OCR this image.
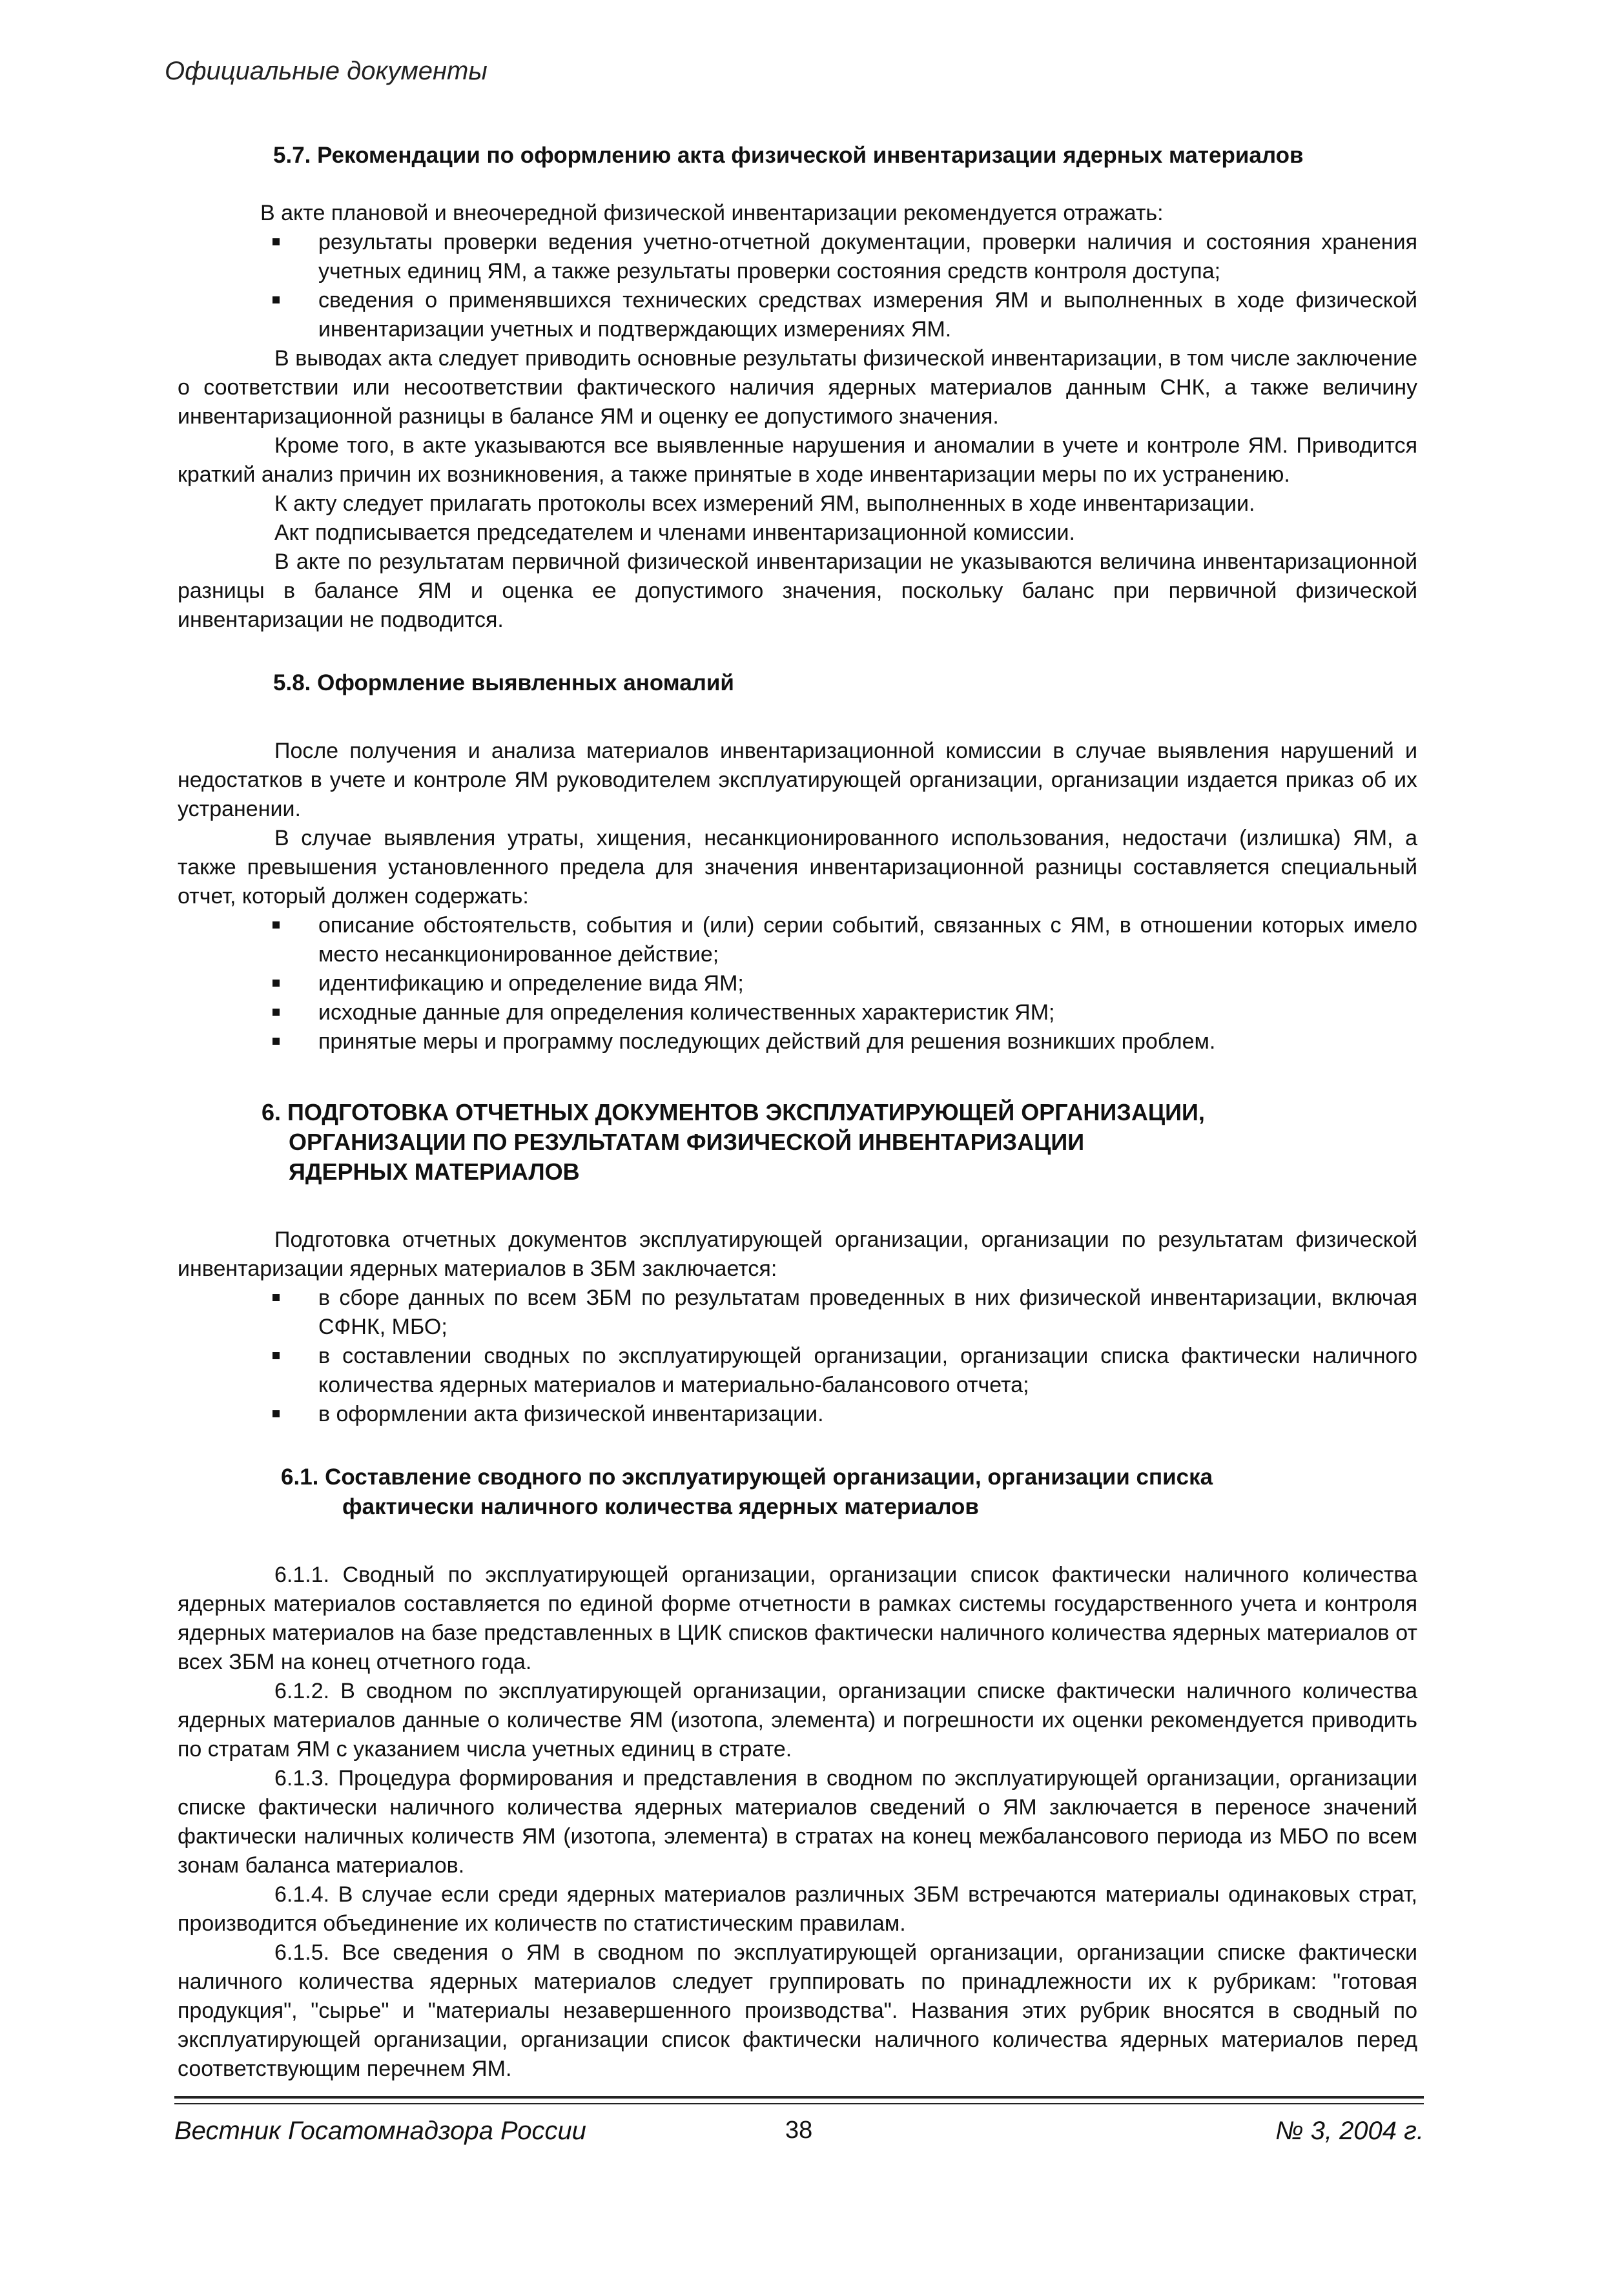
Официальные документы
5.7. Рекомендации по оформлению акта физической инвентаризации ядерных материалов

В акте плановой и внеочередной физической инвентаризации рекомендуется отражать:

результаты проверки ведения учетно-отчетной документации, проверки наличия и состояния хранения учетных единиц ЯМ, а также результаты проверки состояния средств контроля доступа;
сведения о применявшихся технических средствах измерения ЯМ и выполненных в ходе физической инвентаризации учетных и подтверждающих измерениях ЯМ.

В выводах акта следует приводить основные результаты физической инвентаризации, в том числе заключение о соответствии или несоответствии фактического наличия ядерных материалов данным СНК, а также величину инвентаризационной разницы в балансе ЯМ и оценку ее допустимого значения.

Кроме того, в акте указываются все выявленные нарушения и аномалии в учете и контроле ЯМ. Приводится краткий анализ причин их возникновения, а также принятые в ходе инвентаризации меры по их устранению.

К акту следует прилагать протоколы всех измерений ЯМ, выполненных в ходе инвентаризации.

Акт подписывается председателем и членами инвентаризационной комиссии.

В акте по результатам первичной физической инвентаризации не указываются величина инвентаризационной разницы в балансе ЯМ и оценка ее допустимого значения, поскольку баланс при первичной физической инвентаризации не подводится.

5.8. Оформление выявленных аномалий

После получения и анализа материалов инвентаризационной комиссии в случае выявления нарушений и недостатков в учете и контроле ЯМ руководителем эксплуатирующей организации, организации издается приказ об их устранении.

В случае выявления утраты, хищения, несанкционированного использования, недостачи (излишка) ЯМ, а также превышения установленного предела для значения инвентаризационной разницы составляется специальный отчет, который должен содержать:

описание обстоятельств, события и (или) серии событий, связанных с ЯМ, в отношении которых имело место несанкционированное действие;
идентификацию и определение вида ЯМ;
исходные данные для определения количественных характеристик ЯМ;
принятые меры и программу последующих действий для решения возникших проблем.
6. ПОДГОТОВКА ОТЧЕТНЫХ ДОКУМЕНТОВ ЭКСПЛУАТИРУЮЩЕЙ ОРГАНИЗАЦИИ,
ОРГАНИЗАЦИИ ПО РЕЗУЛЬТАТАМ ФИЗИЧЕСКОЙ ИНВЕНТАРИЗАЦИИ
ЯДЕРНЫХ МАТЕРИАЛОВ

Подготовка отчетных документов эксплуатирующей организации, организации по результатам физической инвентаризации ядерных материалов в ЗБМ заключается:

в сборе данных по всем ЗБМ по результатам проведенных в них физической инвентаризации, включая СФНК, МБО;
в составлении сводных по эксплуатирующей организации, организации списка фактически наличного количества ядерных материалов и материально-балансового отчета;
в оформлении акта физической инвентаризации.
6.1. Составление сводного по эксплуатирующей организации, организации списка
фактически наличного количества ядерных материалов

6.1.1. Сводный по эксплуатирующей организации, организации список фактически наличного количества ядерных материалов составляется по единой форме отчетности в рамках системы государственного учета и контроля ядерных материалов на базе представленных в ЦИК списков фактически наличного количества ядерных материалов от всех ЗБМ на конец отчетного года.

6.1.2. В сводном по эксплуатирующей организации, организации списке фактически наличного количества ядерных материалов данные о количестве ЯМ (изотопа, элемента) и погрешности их оценки рекомендуется приводить по стратам ЯМ с указанием числа учетных единиц в страте.

6.1.3. Процедура формирования и представления в сводном по эксплуатирующей организации, организации списке фактически наличного количества ядерных материалов сведений о ЯМ заключается в переносе значений фактически наличных количеств ЯМ (изотопа, элемента) в стратах на конец межбалансового периода из МБО по всем зонам баланса материалов.

6.1.4. В случае если среди ядерных материалов различных ЗБМ встречаются материалы одинаковых страт, производится объединение их количеств по статистическим правилам.

6.1.5. Все сведения о ЯМ в сводном по эксплуатирующей организации, организации списке фактически наличного количества ядерных материалов следует группировать по принадлежности их к рубрикам: "готовая продукция", "сырье" и "материалы незавершенного производства". Названия этих рубрик вносятся в сводный по эксплуатирующей организации, организации список фактически наличного количества ядерных материалов перед соответствующим перечнем ЯМ.

Вестник Госатомнадзора России	38	№ 3, 2004 г.
